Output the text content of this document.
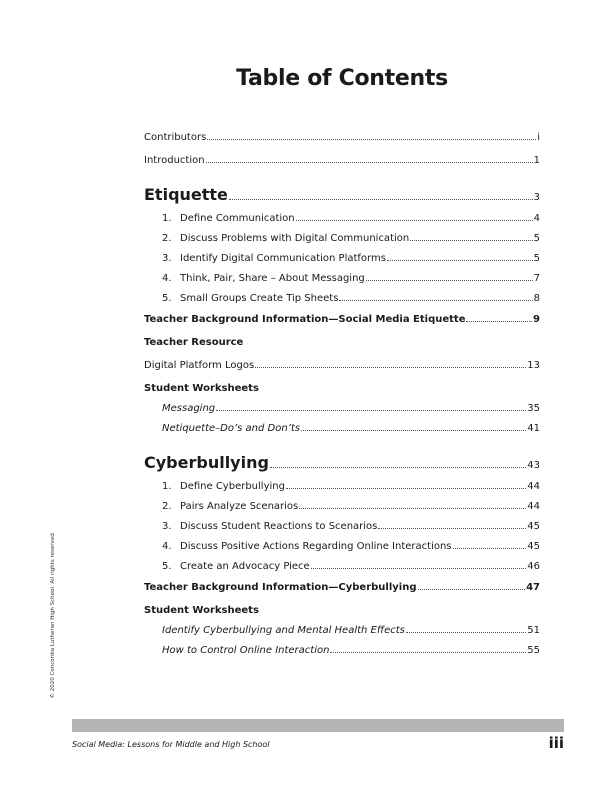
Table of Contents
Contributors	i
Introduction	1
Etiquette	3
1. Define Communication	4
2. Discuss Problems with Digital Communication	5
3. Identify Digital Communication Platforms	5
4. Think, Pair, Share – About Messaging	7
5. Small Groups Create Tip Sheets	8
Teacher Background Information—Social Media Etiquette	9
Teacher Resource
Digital Platform Logos	13
Student Worksheets
Messaging	35
Netiquette–Do’s and Don’ts	41
Cyberbullying	43
1. Define Cyberbullying	44
2. Pairs Analyze Scenarios	44
3. Discuss Student Reactions to Scenarios	45
4. Discuss Positive Actions Regarding Online Interactions	45
5. Create an Advocacy Piece	46
Teacher Background Information—Cyberbullying	47
Student Worksheets
Identify Cyberbullying and Mental Health Effects	51
How to Control Online Interaction	55
© 2020 Concordia Lutheran High School. All rights reserved.
Social Media: Lessons for Middle and High School	iii
